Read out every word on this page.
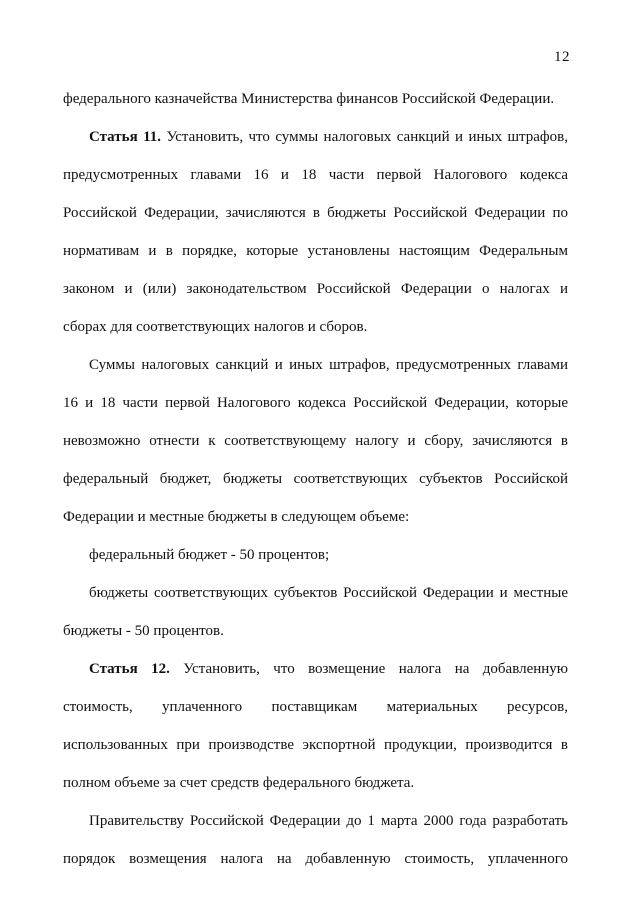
12
федерального казначейства Министерства финансов Российской Федерации.
Статья 11. Установить, что суммы налоговых санкций и иных штрафов,
предусмотренных главами 16 и 18 части первой Налогового кодекса
Российской Федерации, зачисляются в бюджеты Российской Федерации по
нормативам и в порядке, которые установлены настоящим Федеральным
законом и (или) законодательством Российской Федерации о налогах и
сборах для соответствующих налогов и сборов.
Суммы налоговых санкций и иных штрафов, предусмотренных главами
16 и 18 части первой Налогового кодекса Российской Федерации, которые
невозможно отнести к соответствующему налогу и сбору, зачисляются в
федеральный бюджет, бюджеты соответствующих субъектов Российской
Федерации и местные бюджеты в следующем объеме:
федеральный бюджет - 50 процентов;
бюджеты соответствующих субъектов Российской Федерации и местные
бюджеты - 50 процентов.
Статья 12. Установить, что возмещение налога на добавленную
стоимость, уплаченного поставщикам материальных ресурсов,
использованных при производстве экспортной продукции, производится в
полном объеме за счет средств федерального бюджета.
Правительству Российской Федерации до 1 марта 2000 года разработать
порядок возмещения налога на добавленную стоимость, уплаченного
